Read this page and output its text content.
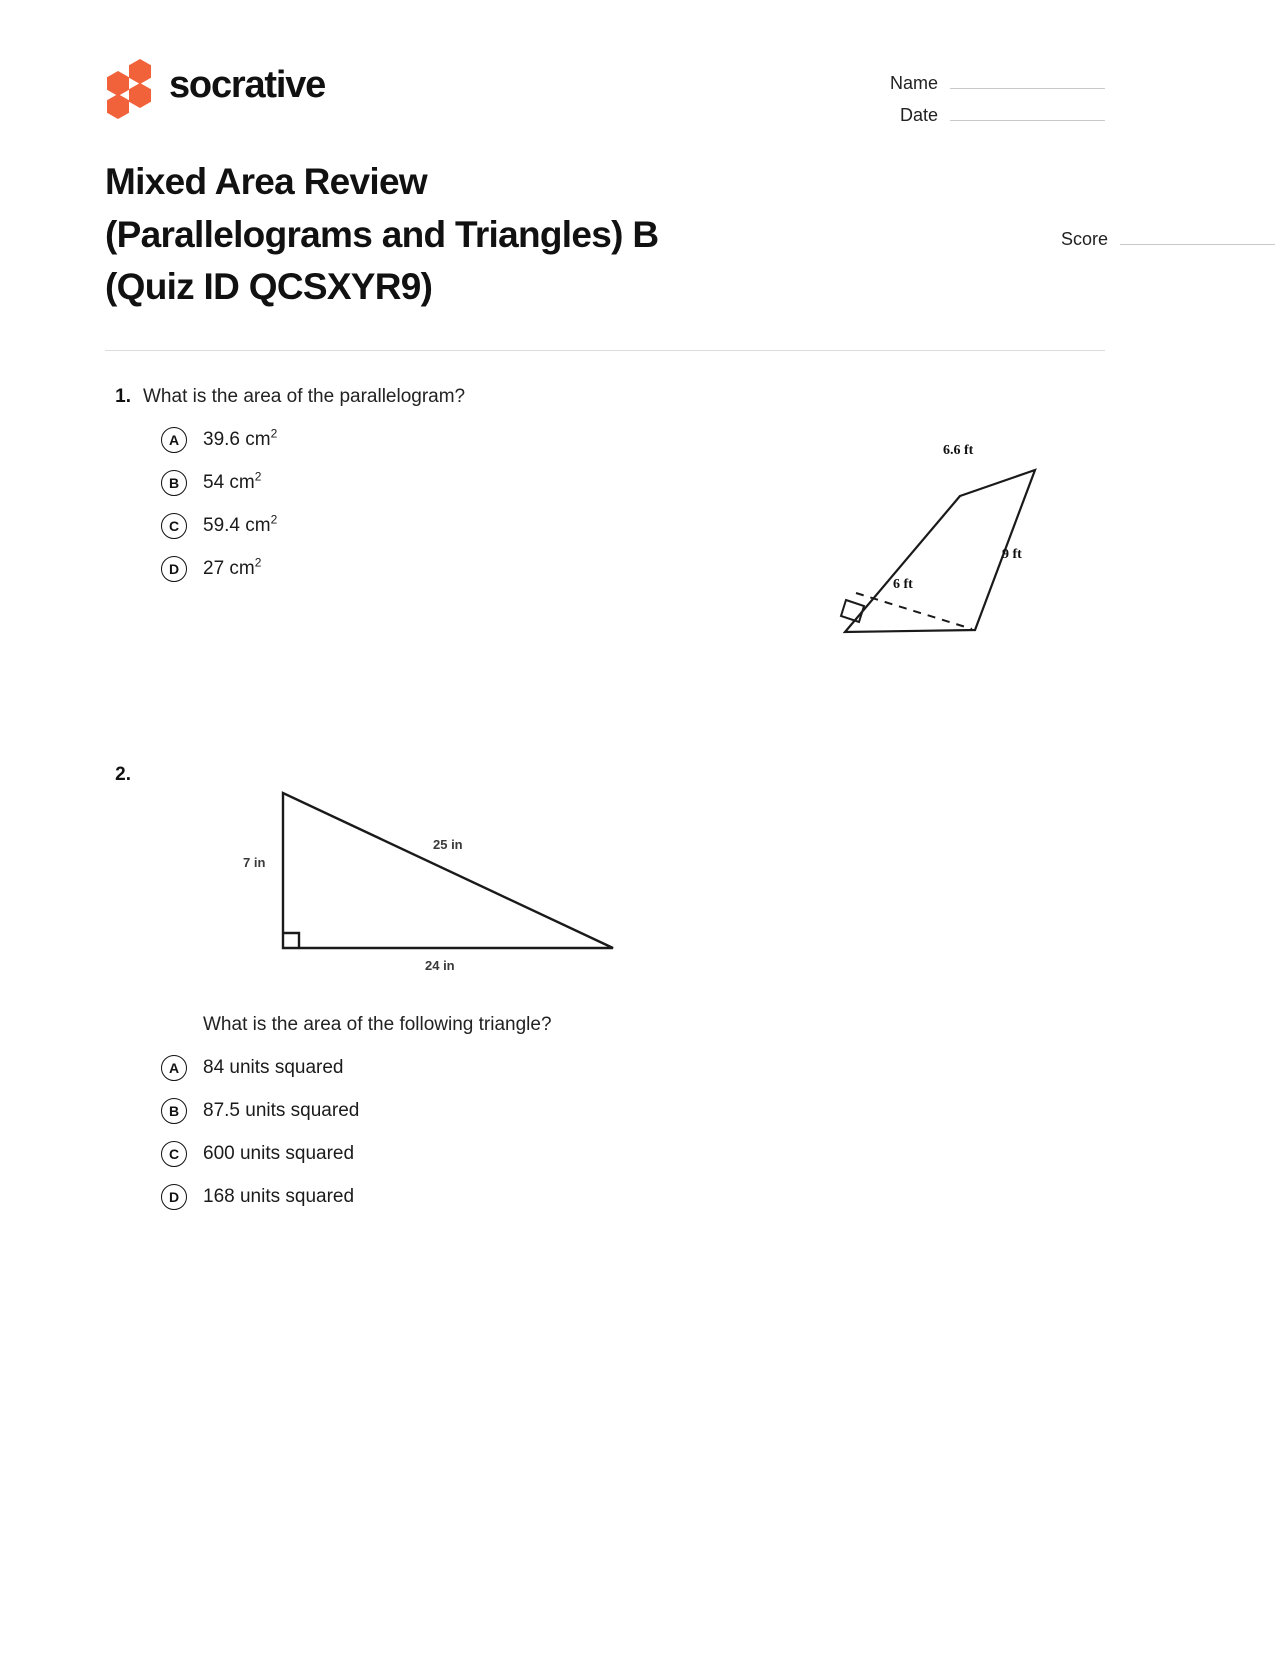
socrative	Name
Date
Mixed Area Review
(Parallelograms and Triangles) B
(Quiz ID QCSXYR9)
Score
1. What is the area of the parallelogram?
A	39.6 $cm^2$
B	54 $cm^2$
C	59.4 $cm^2$
D	27 $cm^2$
6.6 ft
9 ft
6 ft
2.
What is the area of the following triangle?
A	84 units squared
B	87.5 units squared
C	600 units squared
D	168 units squared
7 in
25 in
24 in
